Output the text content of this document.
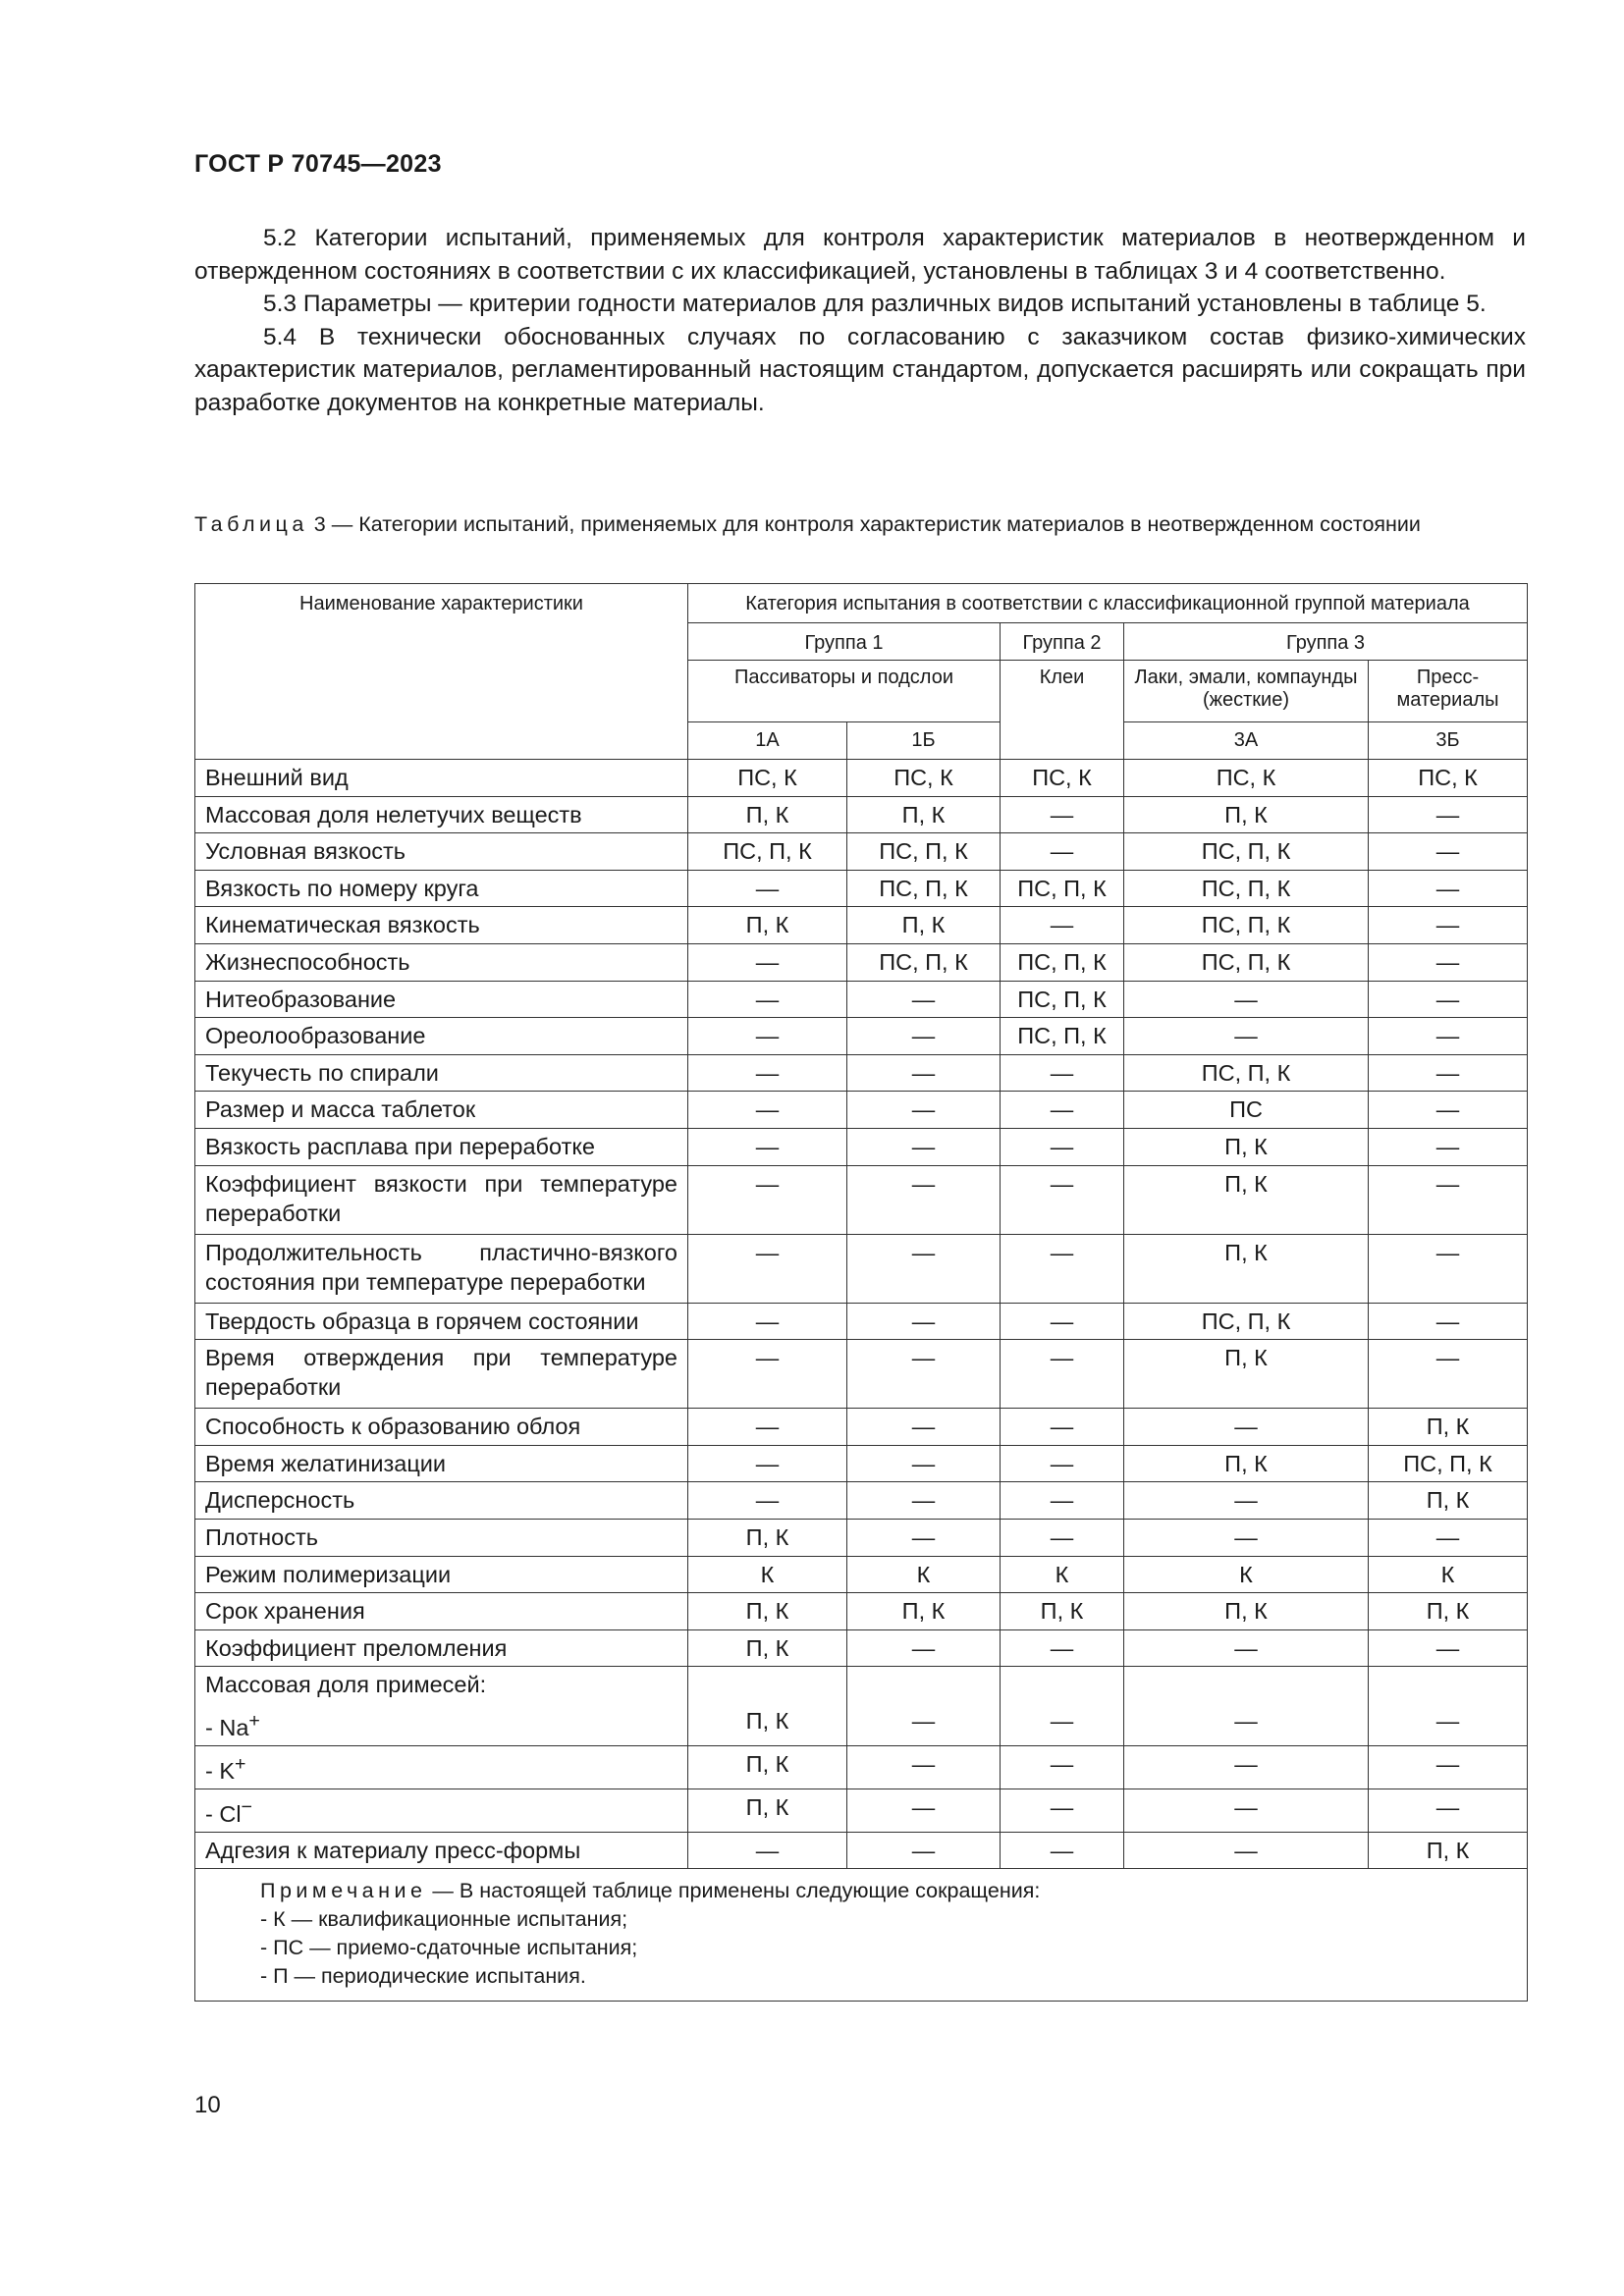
ГОСТ Р 70745—2023

5.2 Категории испытаний, применяемых для контроля характеристик материалов в неотвержденном и отвержденном состояниях в соответствии с их классификацией, установлены в таблицах 3 и 4 соответственно.

5.3 Параметры — критерии годности материалов для различных видов испытаний установлены в таблице 5.

5.4 В технически обоснованных случаях по согласованию с заказчиком состав физико-химических характеристик материалов, регламентированный настоящим стандартом, допускается расширять или сокращать при разработке документов на конкретные материалы.

Таблица 3 — Категории испытаний, применяемых для контроля характеристик материалов в неотвержденном состоянии
Наименование характеристики	Категория испытания в соответствии с классификационной группой материала				
	Группа 1		Группа 2	Группа 3	
	Пассиваторы и подслои		Клеи	Лаки, эмали, компаунды (жесткие)	Пресс-материалы
	1А	1Б		3А	3Б
Внешний вид	ПС, К	ПС, К	ПС, К	ПС, К	ПС, К
Массовая доля нелетучих веществ	П, К	П, К	—	П, К	—
Условная вязкость	ПС, П, К	ПС, П, К	—	ПС, П, К	—
Вязкость по номеру круга	—	ПС, П, К	ПС, П, К	ПС, П, К	—
Кинематическая вязкость	П, К	П, К	—	ПС, П, К	—
Жизнеспособность	—	ПС, П, К	ПС, П, К	ПС, П, К	—
Нитеобразование	—	—	ПС, П, К	—	—
Ореолообразование	—	—	ПС, П, К	—	—
Текучесть по спирали	—	—	—	ПС, П, К	—
Размер и масса таблеток	—	—	—	ПС	—
Вязкость расплава при переработке	—	—	—	П, К	—
Коэффициент вязкости при температуре переработки	—	—	—	П, К	—
Продолжительность пластично-вязкого состояния при температуре переработки	—	—	—	П, К	—
Твердость образца в горячем состоянии	—	—	—	ПС, П, К	—
Время отверждения при температуре переработки	—	—	—	П, К	—
Способность к образованию облоя	—	—	—	—	П, К
Время желатинизации	—	—	—	П, К	ПС, П, К
Дисперсность	—	—	—	—	П, К
Плотность	П, К	—	—	—	—
Режим полимеризации	К	К	К	К	К
Срок хранения	П, К	П, К	П, К	П, К	П, К
Коэффициент преломления	П, К	—	—	—	—
Массовая доля примесей:					
- Na+	П, К	—	—	—	—
- K+	П, К	—	—	—	—
- Cl−	П, К	—	—	—	—
Адгезия к материалу пресс-формы	—	—	—	—	П, К
Примечание — В настоящей таблице применены следующие сокращения:
- К — квалификационные испытания;
- ПС — приемо-сдаточные испытания;
- П — периодические испытания.					
10
